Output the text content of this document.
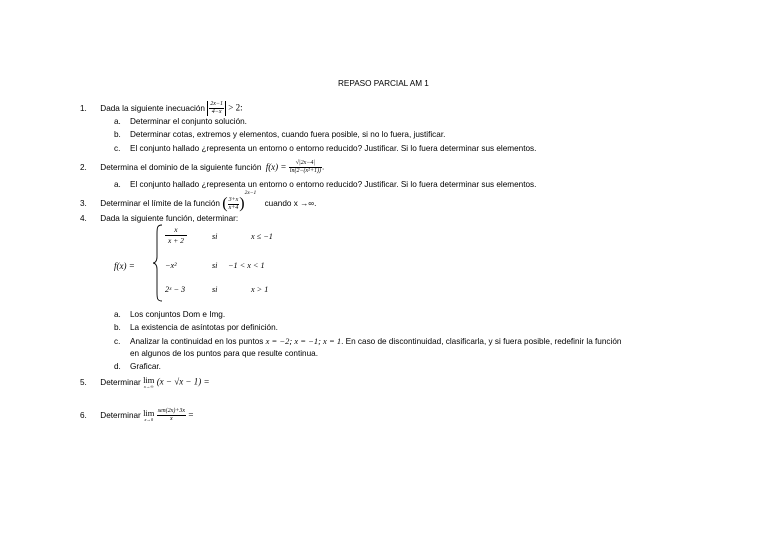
REPASO PARCIAL AM 1
1. Dada la siguiente inecuación $\frac{2x-1}{4-x} > 2$:
a. Determinar el conjunto solución.
b. Determinar cotas, extremos y elementos, cuando fuera posible, si no lo fuera, justificar.
c. El conjunto hallado ¿representa un entorno o entorno reducido? Justificar. Si lo fuera determinar sus elementos.
2. Determina el dominio de la siguiente función $f(x) = \frac{√|2x-4|}{\text{ln(2−(x²+1))}}$ .
a. El conjunto hallado ¿representa un entorno o entorno reducido? Justificar. Si lo fuera determinar sus elementos.
3. Determinar el límite de la función ( $\frac{3+x}{x+4} )^{2x-1}$ cuando x →∞.
4. Dada la siguiente función, determinar:
f(x) =
$\frac{x}{x + 2}$	si	x ≤ −1
−x²	si −1 < x < 1
2ˣ − 3	si	x > 1
a. Los conjuntos Dom e Img.
b. La existencia de asíntotas por definición.
c. Analizar la continuidad en los puntos x = −2; x = −1; x = 1. En caso de discontinuidad, clasificarla, y si fuera posible, redefinir la función
en algunos de los puntos para que resulte continua.
d. Graficar.
5. Determinar lim
x→∞ (x − √x − 1) =
6. Determinar lim
x→0
$\frac{\text{sen(2x)+3x}}{x}$ =
